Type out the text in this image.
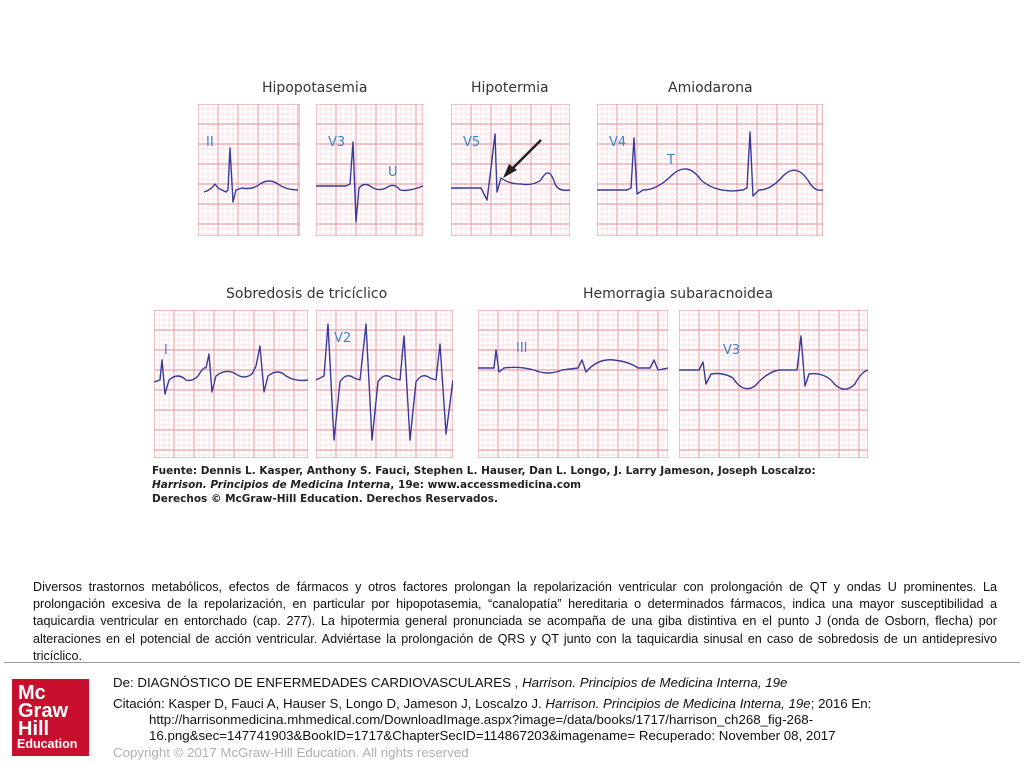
Hipopotasemia	Hipotermia	Amiodarona
Sobredosis de tricíclico	Hemorragia subaracnoidea
II	V3
U
V5	V4
T
I
V2
III	V3
Fuente: Dennis L. Kasper, Anthony S. Fauci, Stephen L. Hauser, Dan L. Longo, J. Larry Jameson, Joseph Loscalzo:
Harrison. Principios de Medicina Interna, 19e: www.accessmedicina.com
Derechos © McGraw-Hill Education. Derechos Reservados.
Diversos trastornos metabólicos, efectos de fármacos y otros factores prolongan la repolarización ventricular con prolongación de QT y ondas U prominentes. La prolongación excesiva de la repolarización, en particular por hipopotasemia, “canalopatía” hereditaria o determinados fármacos, indica una mayor susceptibilidad a taquicardia ventricular en entorchado (cap. 277). La hipotermia general pronunciada se acompaña de una giba distintiva en el punto J (onda de Osborn, flecha) por alteraciones en el potencial de acción ventricular. Adviértase la prolongación de QRS y QT junto con la taquicardia sinusal en caso de sobredosis de un antidepresivo tricíclico.
Mc
Graw
Hill
Education
De: DIAGNÓSTICO DE ENFERMEDADES CARDIOVASCULARES , Harrison. Principios de Medicina Interna, 19e
Citación: Kasper D, Fauci A, Hauser S, Longo D, Jameson J, Loscalzo J. Harrison. Principios de Medicina Interna, 19e; 2016 En:
http://harrisonmedicina.mhmedical.com/DownloadImage.aspx?image=/data/books/1717/harrison_ch268_fig-268-
16.png&sec=147741903&BookID=1717&ChapterSecID=114867203&imagename= Recuperado: November 08, 2017
Copyright © 2017 McGraw-Hill Education. All rights reserved
